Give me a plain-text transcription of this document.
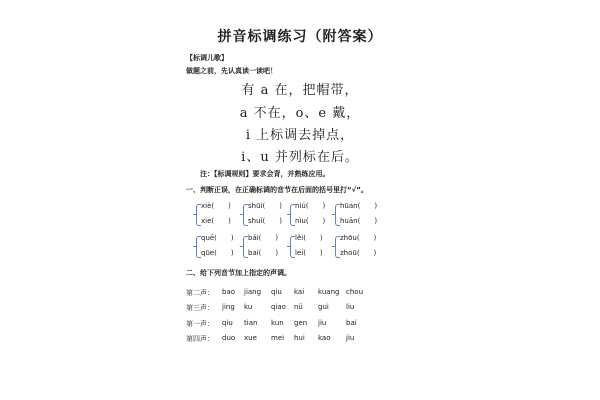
拼音标调练习（附答案）
【标调儿歌】
做题之前，先认真读一读吧！
有 a 在，把帽带，
a 不在，o、e 戴，
i 上标调去掉点，
i、u 并列标在后。
注：【标调规则】要求会背，并熟练应用。
一、判断正误，在正确标调的音节在后面的括号里打“√”。
xiè(　　)
xie(　　)
shūi(　　)
shuí(　　)
niú(　　)
nìu(　　)
hūan(　　)
huān(　　)
quē(　　)
qūe(　　)
bǎi(　　)
bai(　　)
lěi(　　)
leí(　　)
zhōu(　　)
zhoū(　　)
二、给下列音节加上指定的声调。
第二声： bao jiang qiu kai kuang chou
第三声： jing ku	qiao nü gui liu
第一声： qiu tian kun gen jiu	bai
第四声： duo xue mei hui kao jiu
